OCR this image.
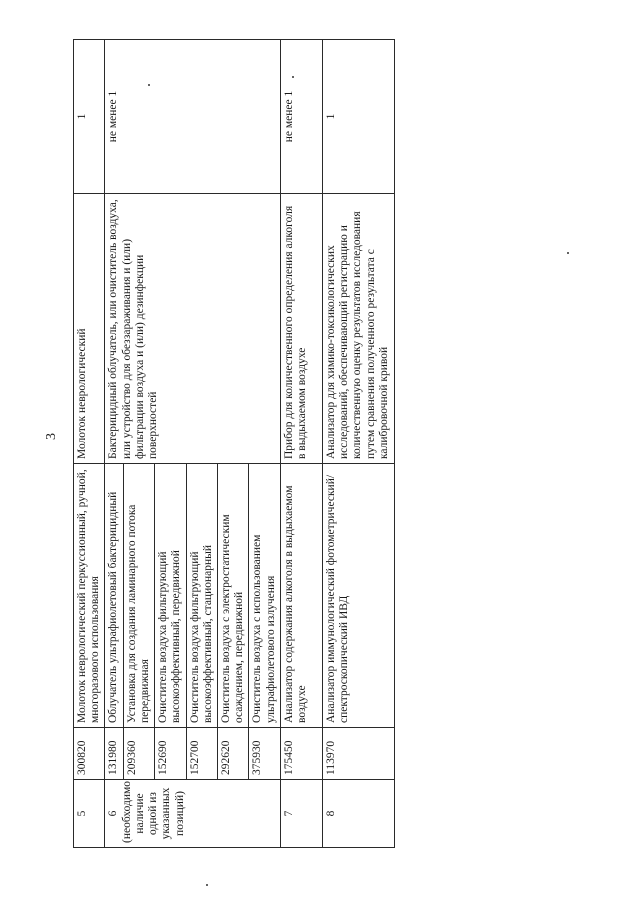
3
5	300820	Молоток неврологический перкуссионный, ручной, многоразового использования	Молоток неврологический	1
6 (необходимо наличие одной из указанных позиций)	131980	Облучатель ультрафиолетовый бактерицидный	Бактерицидный облучатель, или очиститель воздуха, или устройство для обеззараживания и (или) фильтрации воздуха и (или) дезинфекции поверхностей	не менее 1
	209360	Установка для создания ламинарного потока передвижная		
	152690	Очиститель воздуха фильтрующий высокоэффективный, передвижной		
	152700	Очиститель воздуха фильтрующий высокоэффективный, стационарный		
	292620	Очиститель воздуха с электростатическим осаждением, передвижной		
	375930	Очиститель воздуха с использованием ультрафиолетового излучения		
7	175450	Анализатор содержания алкоголя в выдыхаемом воздухе	Прибор для количественного определения алкоголя в выдыхаемом воздухе	не менее 1
8	113970	Анализатор иммунологический фотометрический/спектроскопический ИВД	Анализатор для химико-токсикологических исследований, обеспечивающий регистрацию и количественную оценку результатов исследования путем сравнения полученного результата с калибровочной кривой	1
